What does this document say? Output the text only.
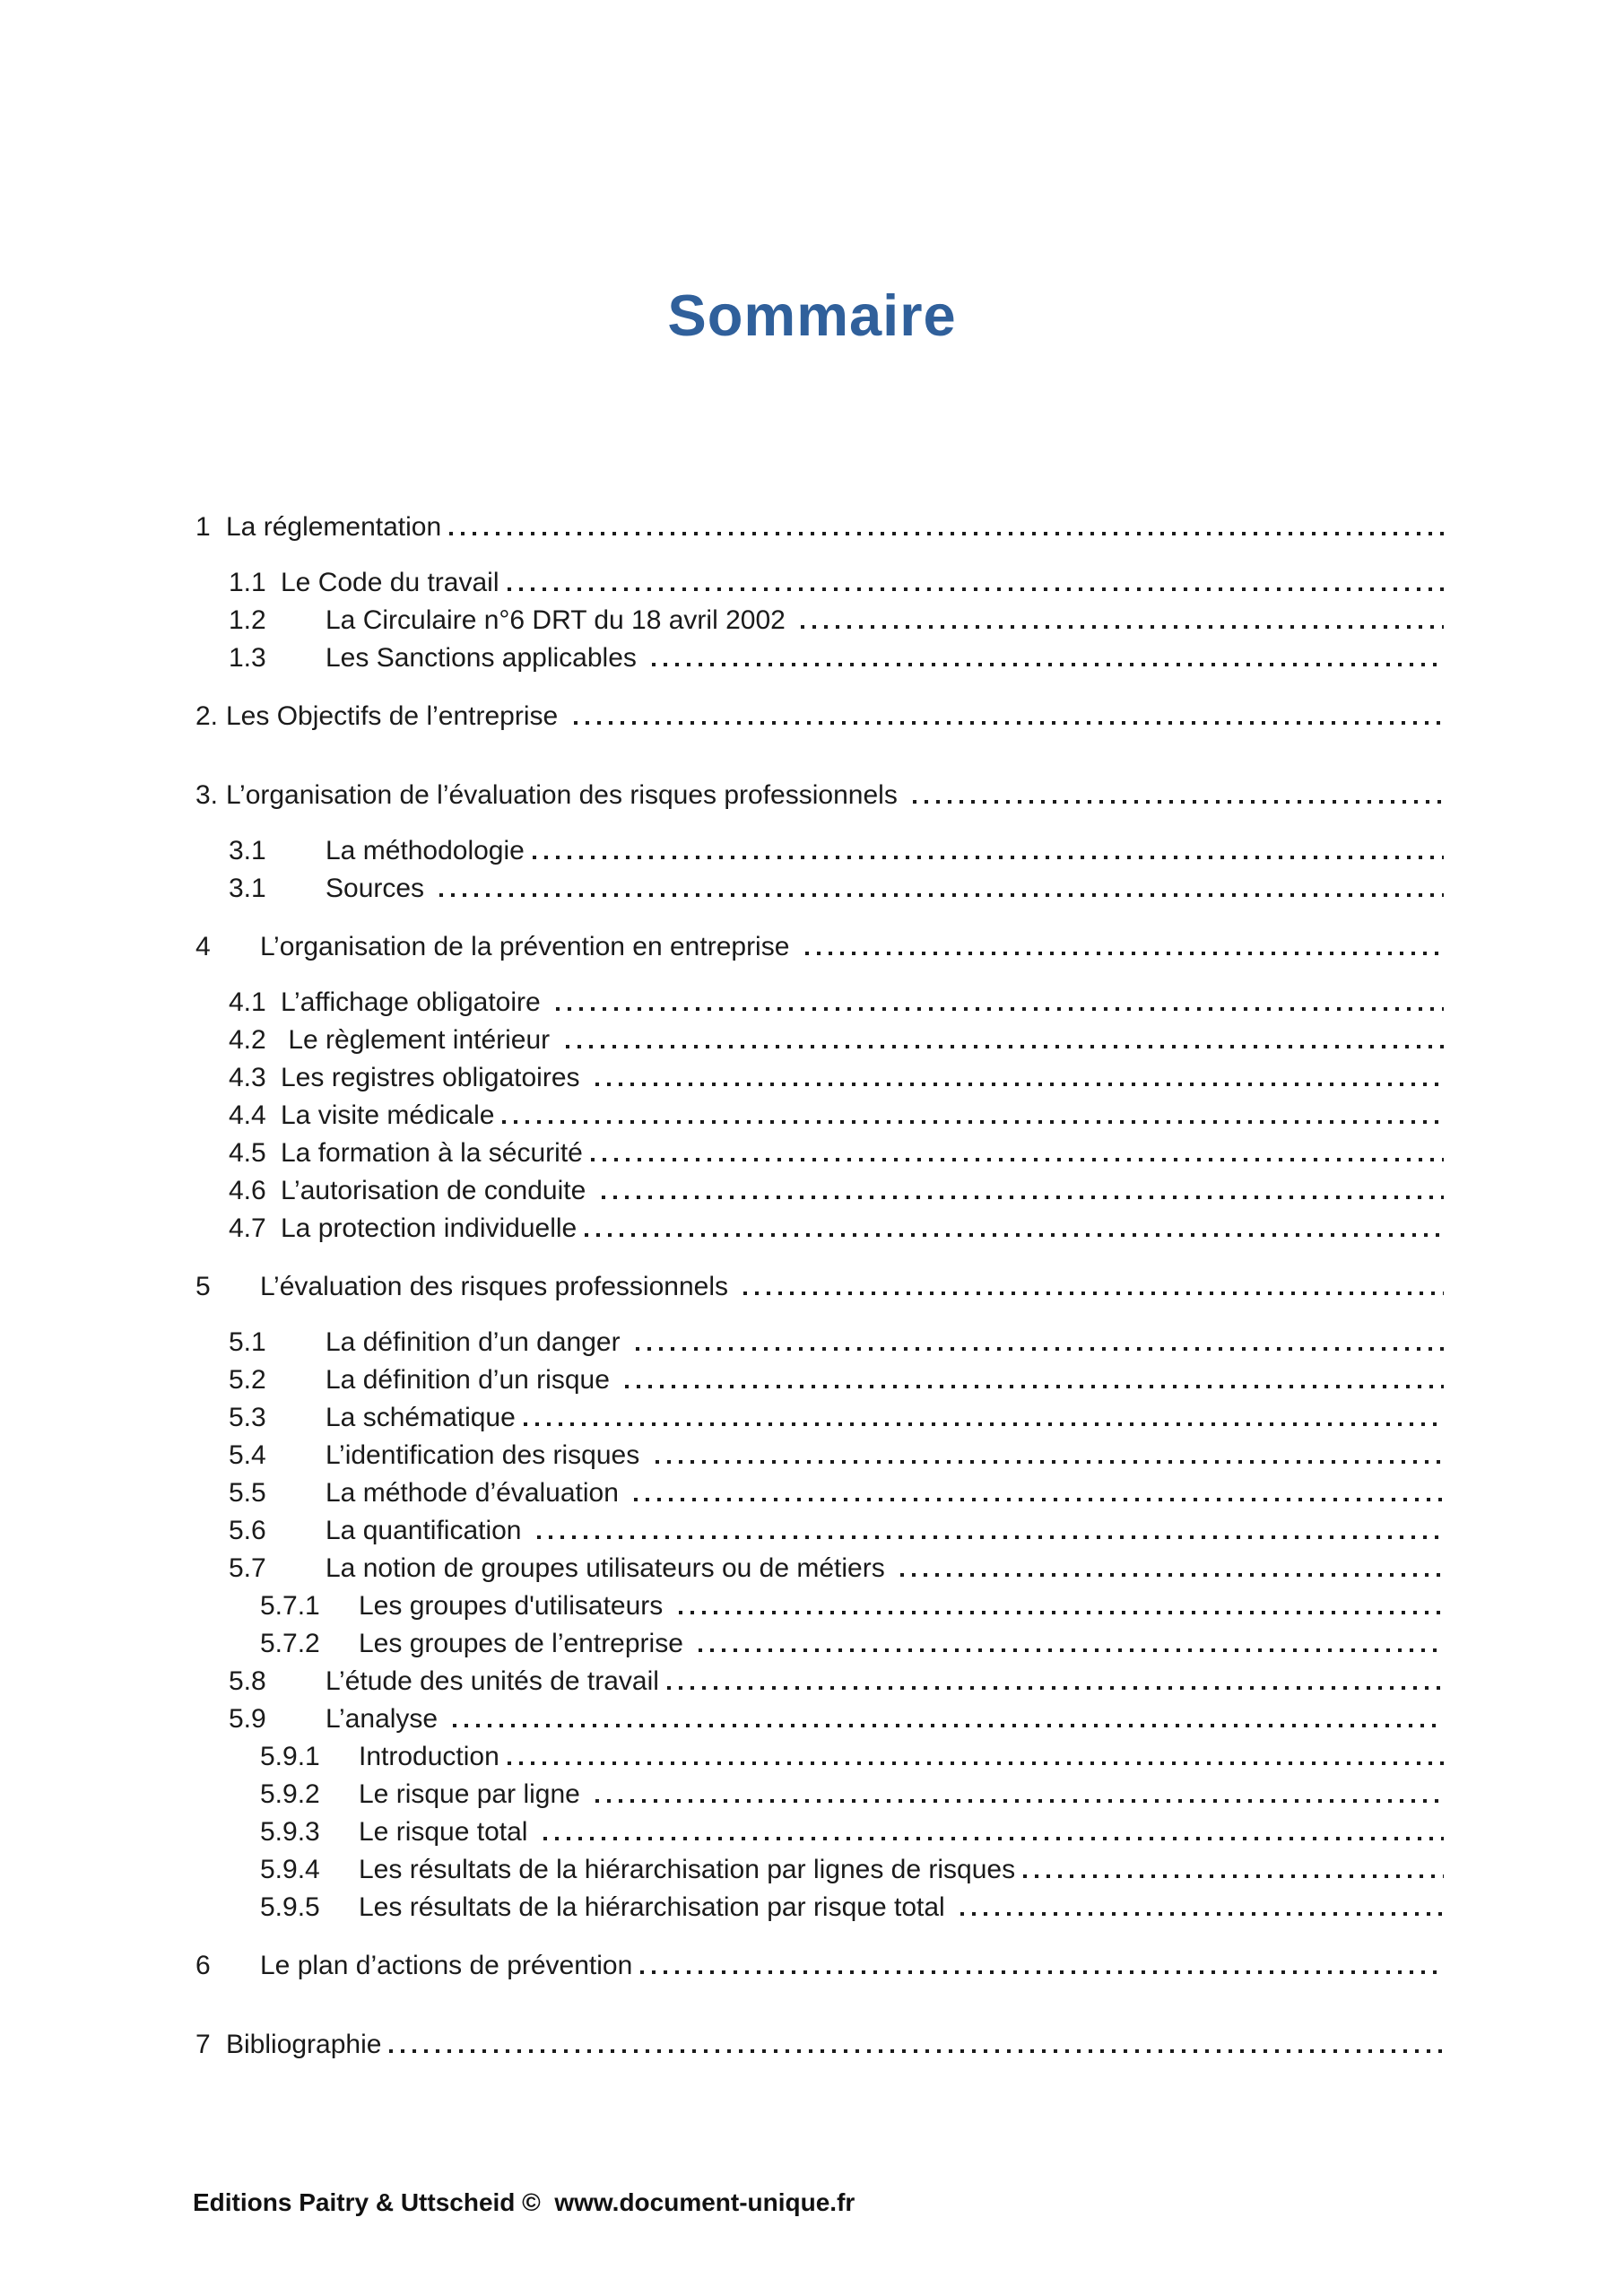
Sommaire
1 La réglementation
1.1 Le Code du travail
1.2	La Circulaire n°6 DRT du 18 avril 2002
1.3	Les Sanctions applicables
2. Les Objectifs de l’entreprise
3. L’organisation de l’évaluation des risques professionnels
3.1	La méthodologie
3.1	Sources
4	L’organisation de la prévention en entreprise
4.1 L’affichage obligatoire
4.2 Le règlement intérieur
4.3 Les registres obligatoires
4.4 La visite médicale
4.5 La formation à la sécurité
4.6 L’autorisation de conduite
4.7 La protection individuelle
5	L’évaluation des risques professionnels
5.1	La définition d’un danger
5.2	La définition d’un risque
5.3	La schématique
5.4	L’identification des risques
5.5	La méthode d’évaluation
5.6	La quantification
5.7	La notion de groupes utilisateurs ou de métiers
5.7.1	Les groupes d'utilisateurs
5.7.2	Les groupes de l’entreprise
5.8	L’étude des unités de travail
5.9	L’analyse
5.9.1	Introduction
5.9.2	Le risque par ligne
5.9.3	Le risque total
5.9.4	Les résultats de la hiérarchisation par lignes de risques
5.9.5	Les résultats de la hiérarchisation par risque total
6	Le plan d’actions de prévention
7 Bibliographie
Editions Paitry & Uttscheid ©  www.document-unique.fr
